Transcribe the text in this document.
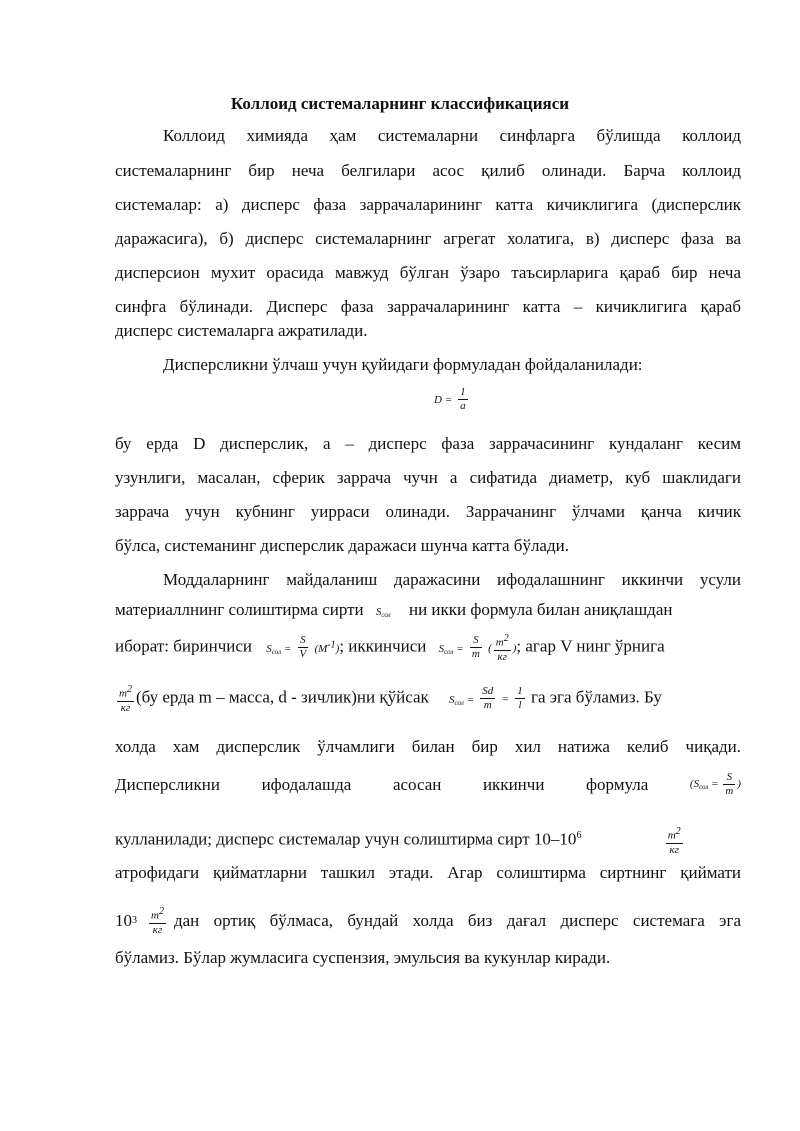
Коллоид системаларнинг классификацияси
Коллоид химияда ҳам системаларни синфларга бўлишда коллоид
системаларнинг бир неча белгилари асос қилиб олинади. Барча коллоид
системалар: а) дисперс фаза заррачаларининг катта кичиклигига (дисперслик
даражасига), б) дисперс системаларнинг агрегат холатига, в) дисперс фаза ва
дисперсион мухит орасида мавжуд бўлган ўзаро таъсирларига қараб бир неча
синфга бўлинади. Дисперс фаза заррачаларининг катта – кичиклигига қараб
дисперс системаларга ажратилади.
Дисперсликни ўлчаш учун қуйидаги формуладан фойдаланилади:
$D = \frac{1}{a}$
бу ерда D дисперслик, а – дисперс фаза заррачасининг кундаланг кесим
узунлиги, масалан, сферик заррача чучн а сифатида диаметр, куб шаклидаги
заррача учун кубнинг уирраси олинади. Заррачанинг ўлчами қанча кичик
бўлса, системанинг дисперслик даражаси шунча катта бўлади.
Моддаларнинг майдаланиш даражасини ифодалашнинг иккинчи усули
материаллнинг солиштирма сирти $S_{сол}$ ни икки формула билан аниқлашдан
иборат: биринчиси $S_{сол} = \frac{S}{V} (M^{-1})$; иккинчиси $S_{сол} = \frac{S}{m}$ ( $\frac{m^2}{кг}$ ); агар V нинг ўрнига
$\frac{m^2}{кг} (бу$ ерда m – масса, d - зичлик)ни қўйсак $S_{сол} = \frac{Sd}{m} = \frac{1}{l}$ га эга бўламиз. Бу
холда хам дисперслик ўлчамлиги билан бир хил натижа келиб чиқади.
Дисперсликни ифодалашда асосан иккинчи формула	($S_{сол} = \frac{S}{m}$ )
кулланилади; дисперс системалар учун солиштирма сирт $10-10^6$	$\frac{m^2}{кг}$
атрофидаги қийматларни ташкил этади. Агар солиштирма сиртнинг қиймати
10 $3 \frac{m^2}{кг}$ дан ортиқ бўлмаса, бундай холда биз дағал дисперс системага эга
бўламиз. Бўлар жумласига суспензия, эмульсия ва кукунлар киради.
